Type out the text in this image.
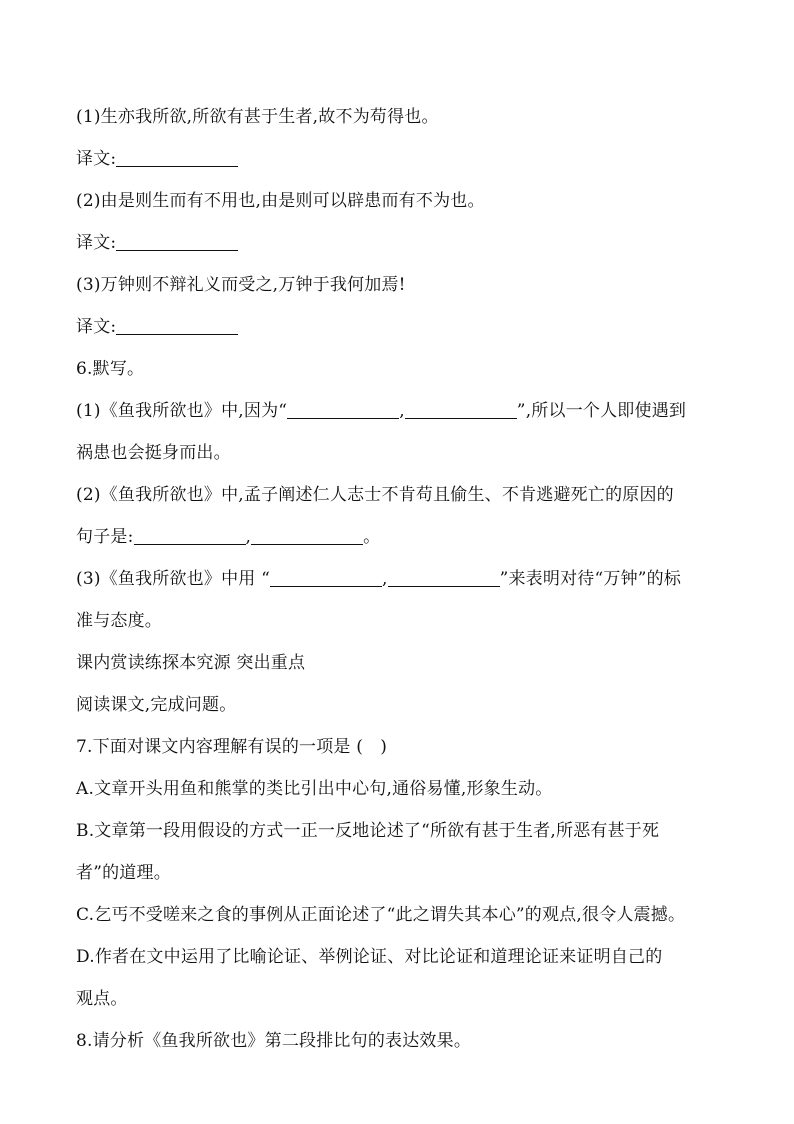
(1)生亦我所欲,所欲有甚于生者,故不为苟得也。
译文:
(2)由是则生而有不用也,由是则可以辟患而有不为也。
译文:
(3)万钟则不辩礼义而受之,万钟于我何加焉!
译文:
6.默写。
(1)《鱼我所欲也》中,因为“	,	”,所以一个人即使遇到
祸患也会挺身而出。
(2)《鱼我所欲也》中,孟子阐述仁人志士不肯苟且偷生、不肯逃避死亡的原因的
句子是:	,	。
(3)《鱼我所欲也》中用 “	,	”来表明对待“万钟”的标
准与态度。
课内赏读练探本究源 突出重点
阅读课文,完成问题。
7.下面对课文内容理解有误的一项是 (　)
A.文章开头用鱼和熊掌的类比引出中心句,通俗易懂,形象生动。
B.文章第一段用假设的方式一正一反地论述了“所欲有甚于生者,所恶有甚于死
者”的道理。
C.乞丐不受嗟来之食的事例从正面论述了“此之谓失其本心”的观点,很令人震撼。
D.作者在文中运用了比喻论证、举例论证、对比论证和道理论证来证明自己的
观点。
8.请分析《鱼我所欲也》第二段排比句的表达效果。
